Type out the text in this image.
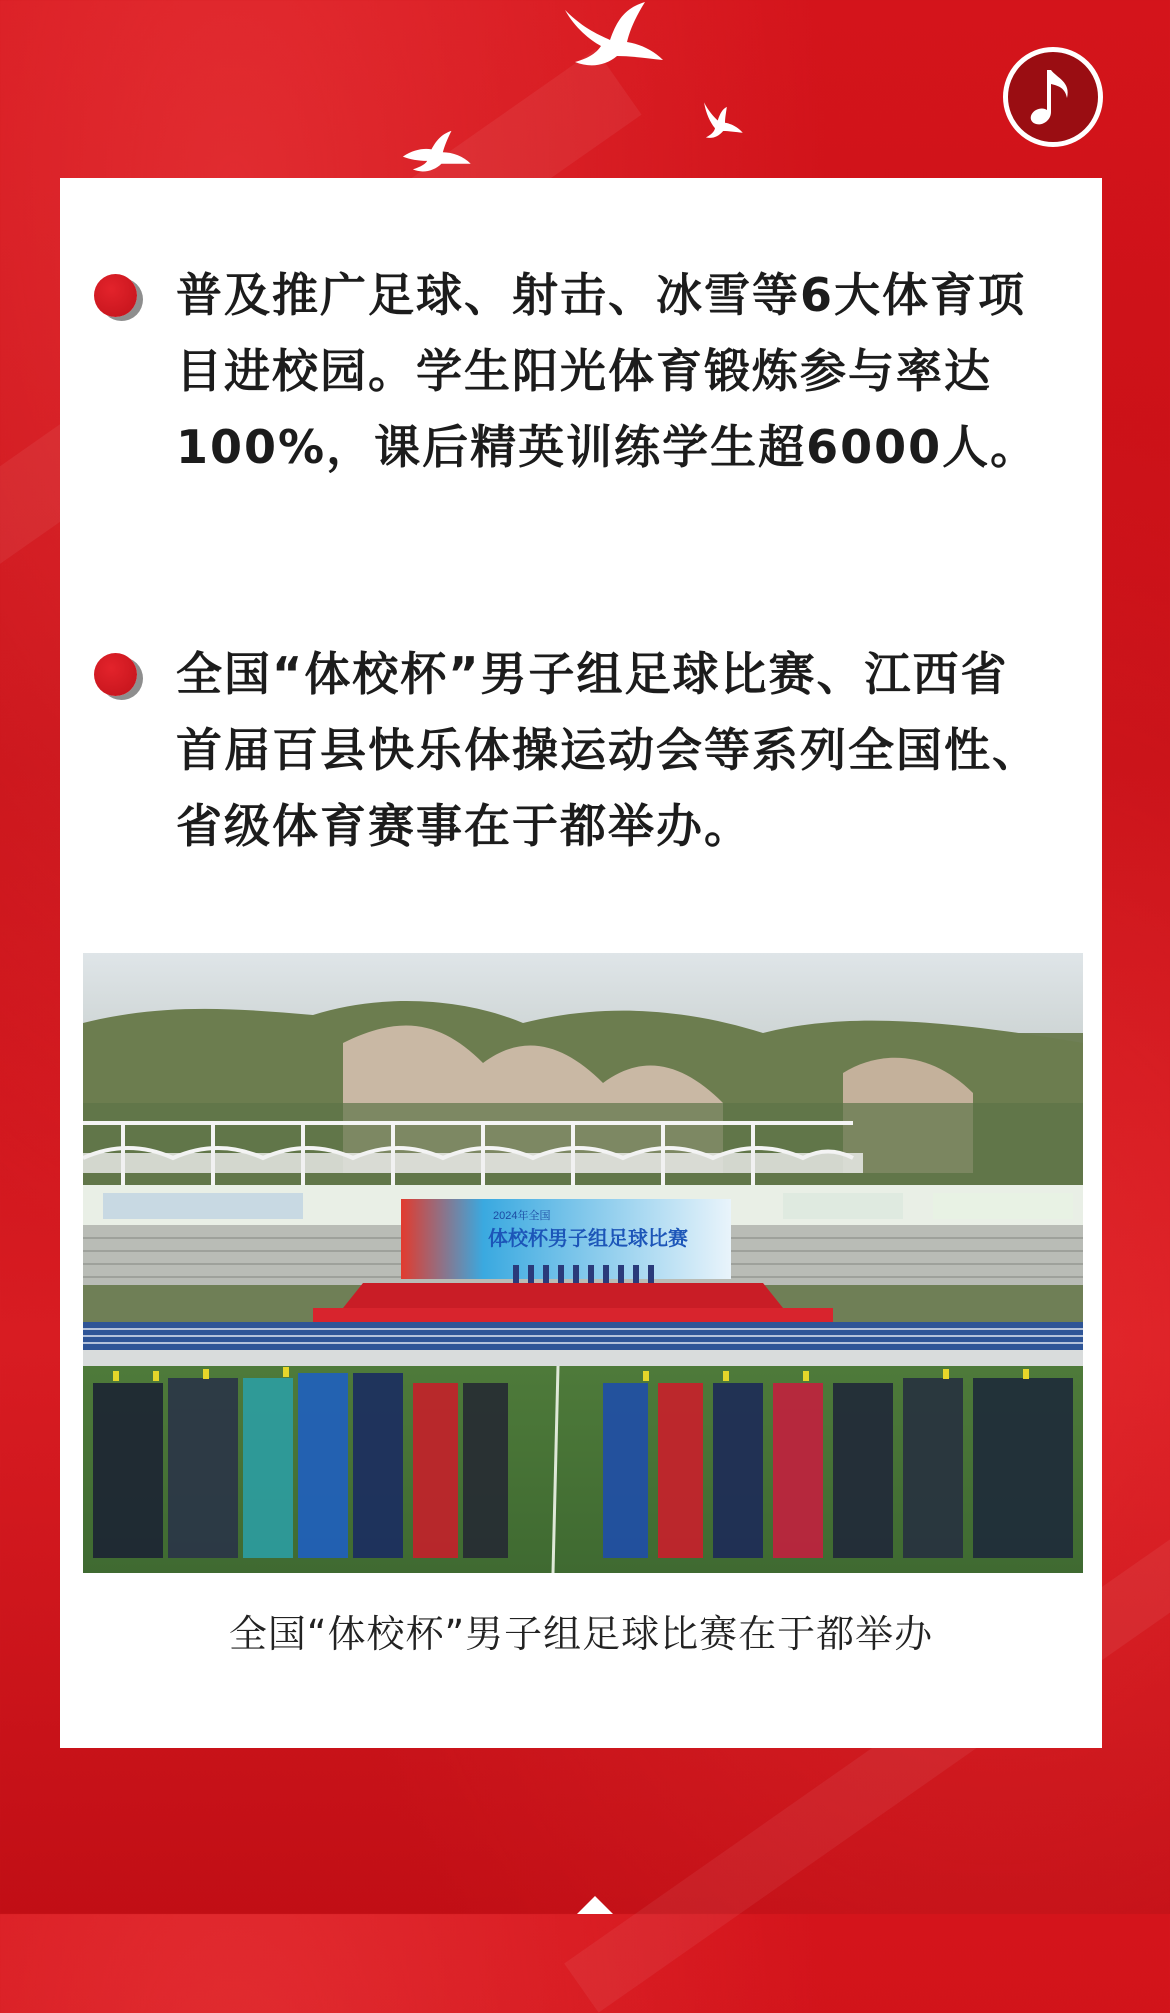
普及推广足球、射击、冰雪等6大体育项目进校园。学生阳光体育锻炼参与率达100%，课后精英训练学生超6000人。

全国“体校杯”男子组足球比赛、江西省首届百县快乐体操运动会等系列全国性、省级体育赛事在于都举办。

2024年全国
体校杯男子组足球比赛
全国“体校杯”男子组足球比赛在于都举办
